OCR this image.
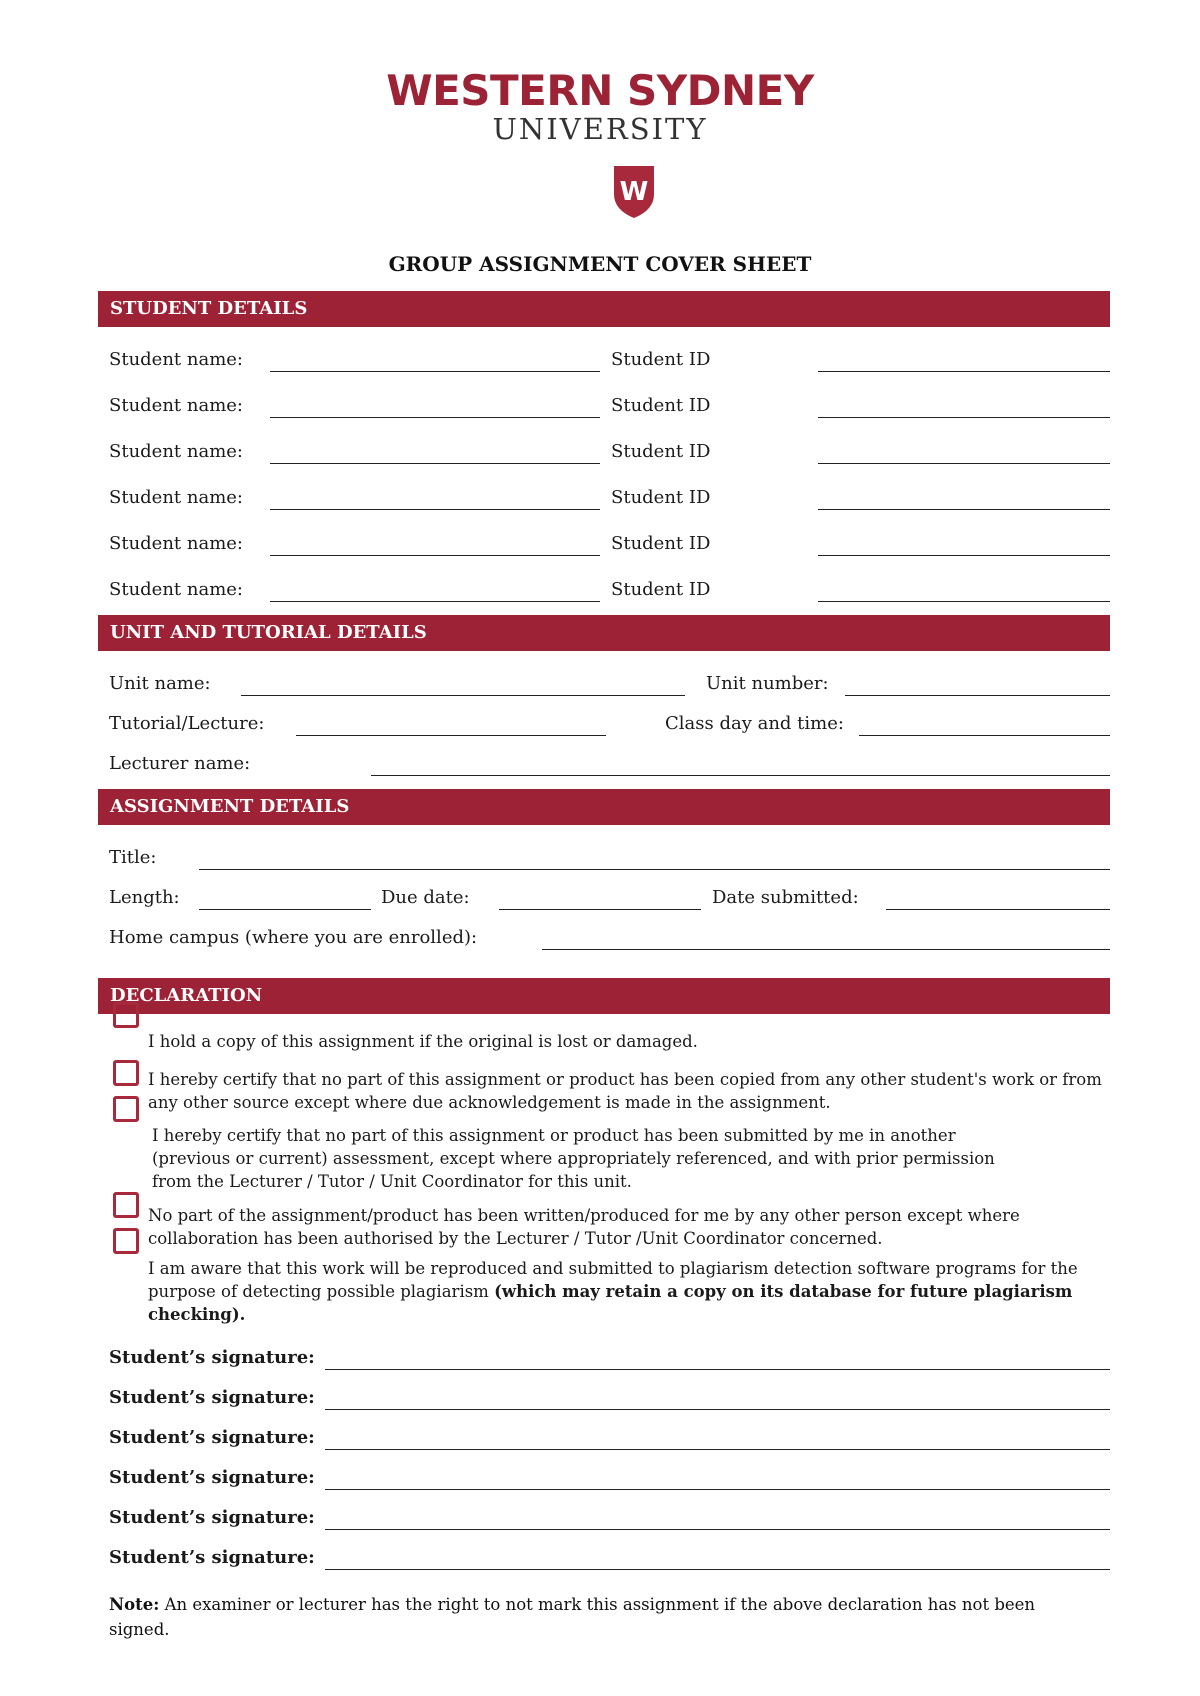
WESTERN SYDNEY
UNIVERSITY
W
GROUP ASSIGNMENT COVER SHEET
STUDENT DETAILS
Student name:	Student ID
Student name:	Student ID
Student name:	Student ID
Student name:	Student ID
Student name:	Student ID
Student name:	Student ID
UNIT AND TUTORIAL DETAILS
Unit name:	Unit number:
Tutorial/Lecture:	Class day and time:
Lecturer name:
ASSIGNMENT DETAILS
Title:
Length:	Due date:	Date submitted:
Home campus (where you are enrolled):
DECLARATION
I hold a copy of this assignment if the original is lost or damaged.
I hereby certify that no part of this assignment or product has been copied from any other student's work or from any other source except where due acknowledgement is made in the assignment.
I hereby certify that no part of this assignment or product has been submitted by me in another (previous or current) assessment, except where appropriately referenced, and with prior permission from the Lecturer / Tutor / Unit Coordinator for this unit.
No part of the assignment/product has been written/produced for me by any other person except where collaboration has been authorised by the Lecturer / Tutor /Unit Coordinator concerned.
I am aware that this work will be reproduced and submitted to plagiarism detection software programs for the purpose of detecting possible plagiarism (which may retain a copy on its database for future plagiarism checking).
Student’s signature:
Student’s signature:
Student’s signature:
Student’s signature:
Student’s signature:
Student’s signature:
Note: An examiner or lecturer has the right to not mark this assignment if the above declaration has not been signed.
